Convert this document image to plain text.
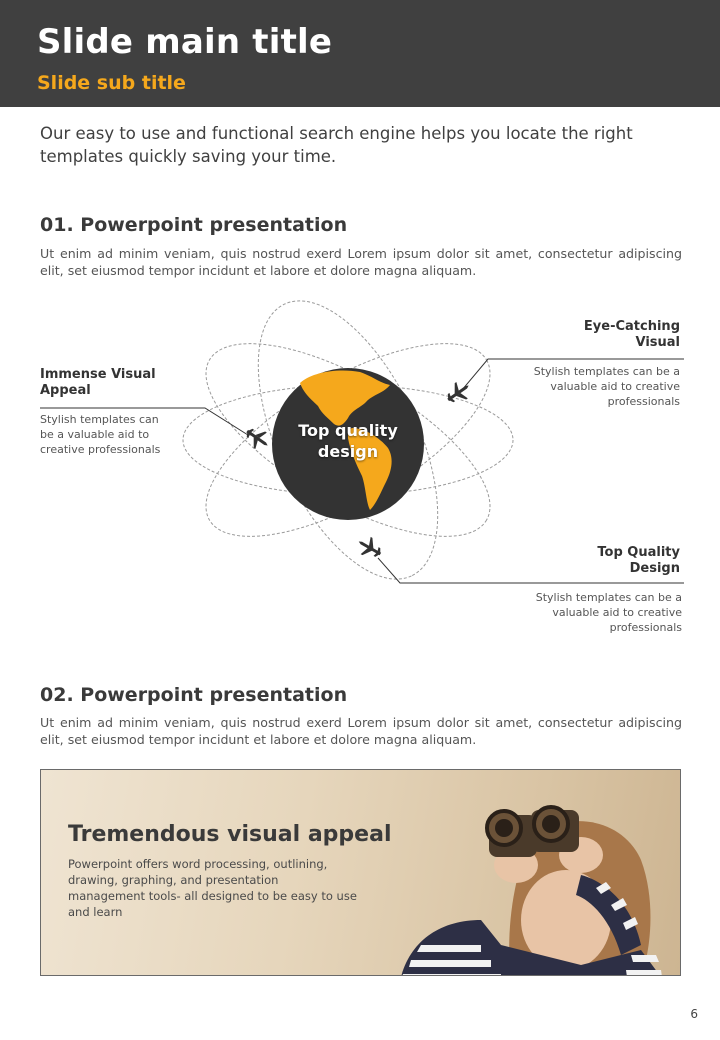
Slide main title
Slide sub title

Our easy to use and functional search engine helps you locate the right templates quickly saving your time.

01. Powerpoint presentation

Ut enim ad minim veniam, quis nostrud exerd Lorem ipsum dolor sit amet, consectetur adipiscing elit, set eiusmod tempor incidunt et labore et dolore magna aliquam.

Top quality design
Immense Visual Appeal
Stylish templates can be a valuable aid to creative professionals
Eye-Catching Visual
Stylish templates can be a valuable aid to creative professionals
Top Quality Design
Stylish templates can be a valuable aid to creative professionals
02. Powerpoint presentation

Ut enim ad minim veniam, quis nostrud exerd Lorem ipsum dolor sit amet, consectetur adipiscing elit, set eiusmod tempor incidunt et labore et dolore magna aliquam.

Tremendous visual appeal

Powerpoint offers word processing, outlining, drawing, graphing, and presentation management tools- all designed to be easy to use and learn

6
